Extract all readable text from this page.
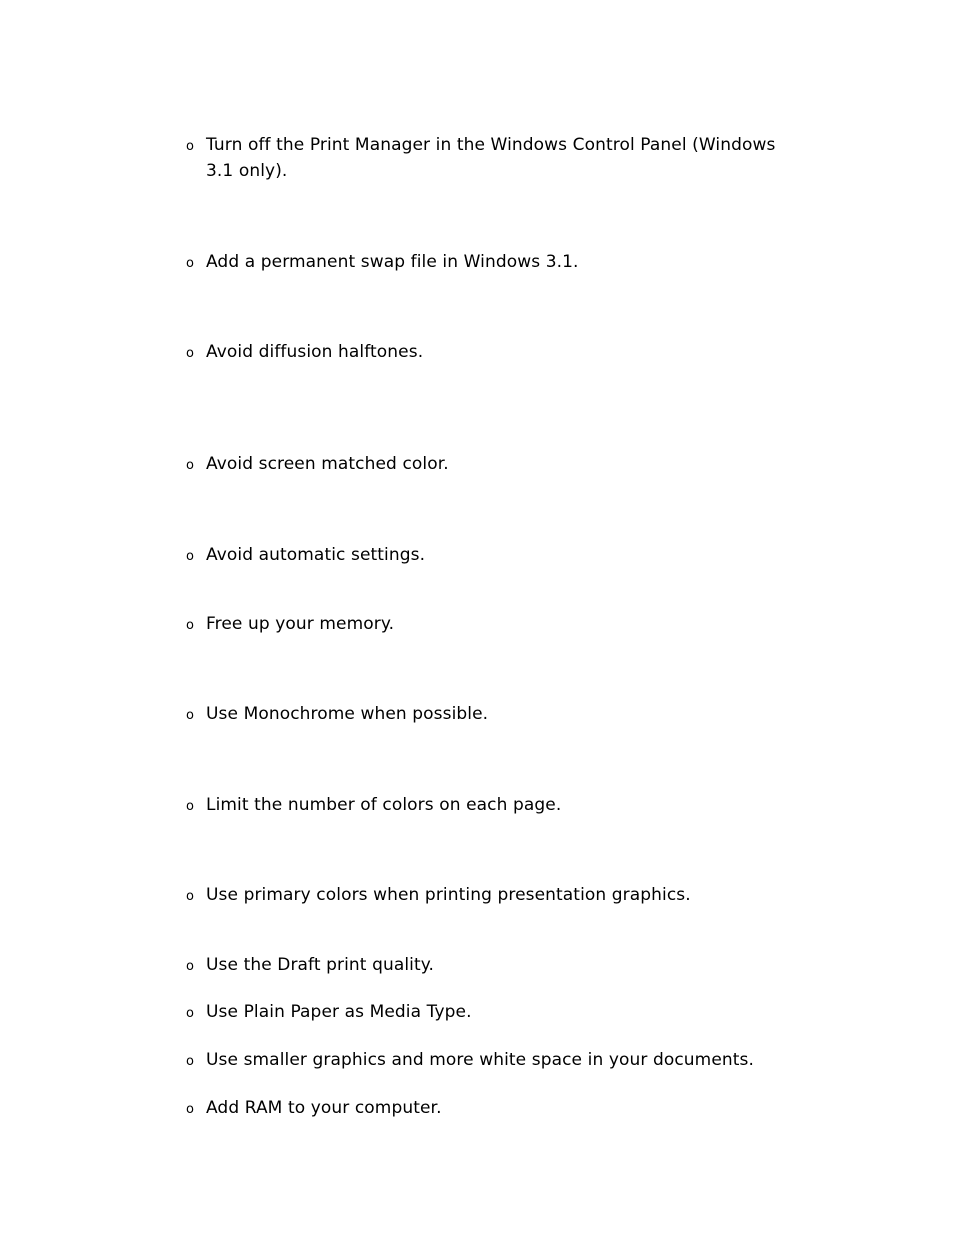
o Turn off the Print Manager in the Windows Control Panel (Windows 3.1 only).
o Add a permanent swap file in Windows 3.1.
o Avoid diffusion halftones.
o Avoid screen matched color.
o Avoid automatic settings.
o Free up your memory.
o Use Monochrome when possible.
o Limit the number of colors on each page.
o Use primary colors when printing presentation graphics.
o Use the Draft print quality.
o Use Plain Paper as Media Type.
o Use smaller graphics and more white space in your documents.
o Add RAM to your computer.
